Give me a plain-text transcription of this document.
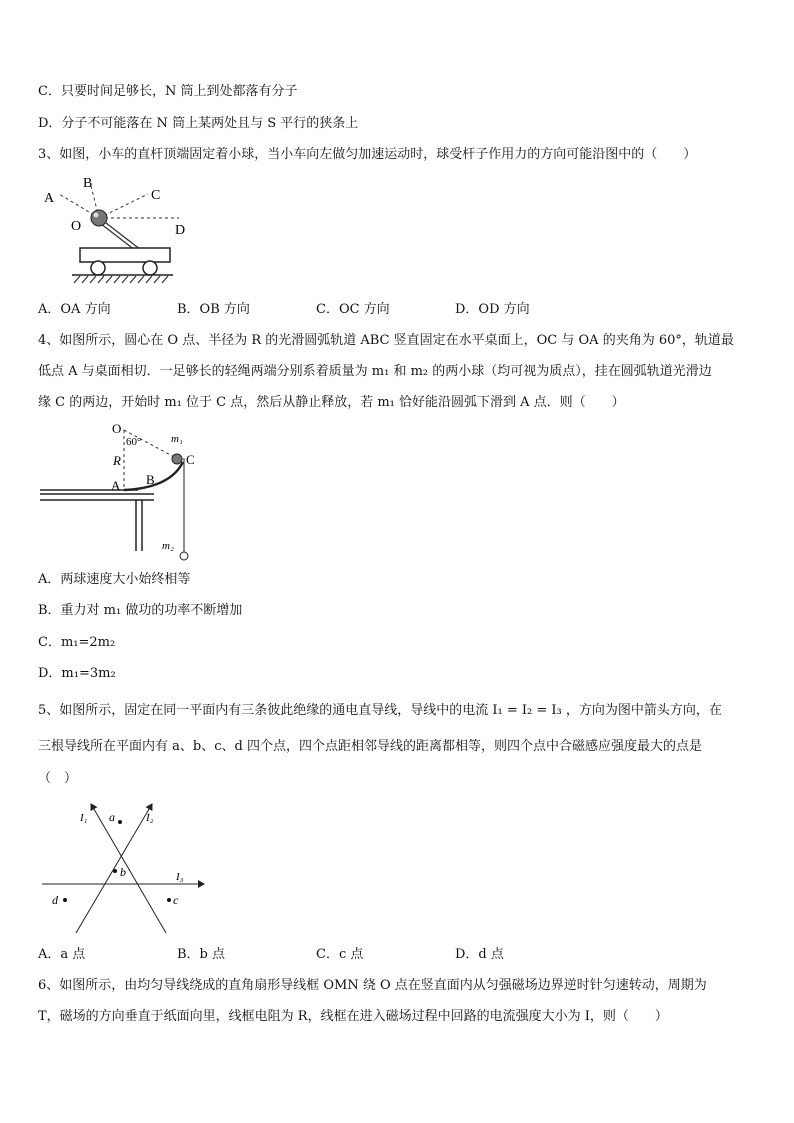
C．只要时间足够长，N 筒上到处都落有分子
D．分子不可能落在 N 筒上某两处且与 S 平行的狭条上
3、如图，小车的直杆顶端固定着小球，当小车向左做匀加速运动时，球受杆子作用力的方向可能沿图中的（　　）
A
B
C
O	D
A．OA 方向	B．OB 方向	C．OC 方向	D．OD 方向
4、如图所示，圆心在 O 点、半径为 R 的光滑圆弧轨道 ABC 竖直固定在水平桌面上，OC 与 OA 的夹角为 60°，轨道最
低点 A 与桌面相切．一足够长的轻绳两端分别系着质量为 m₁ 和 m₂ 的两小球（均可视为质点），挂在圆弧轨道光滑边
缘 C 的两边，开始时 m₁ 位于 C 点，然后从静止释放，若 m₁ 恰好能沿圆弧下滑到 A 点．则（　　）
O
60°	m₁
C
R
B
A
m₂
A．两球速度大小始终相等
B．重力对 m₁ 做功的功率不断增加
C．m₁=2m₂
D．m₁=3m₂
5、如图所示，固定在同一平面内有三条彼此绝缘的通电直导线，导线中的电流 I₁ = I₂ = I₃ ，方向为图中箭头方向，在
三根导线所在平面内有 a、b、c、d 四个点，四个点距相邻导线的距离都相等，则四个点中合磁感应强度最大的点是
（　）
I₁	I₂
I₃
a
b
c
d
A．a 点	B．b 点	C．c 点	D．d 点
6、如图所示，由均匀导线绕成的直角扇形导线框 OMN 绕 O 点在竖直面内从匀强磁场边界逆时针匀速转动，周期为
T，磁场的方向垂直于纸面向里，线框电阻为 R，线框在进入磁场过程中回路的电流强度大小为 I，则（　　）
